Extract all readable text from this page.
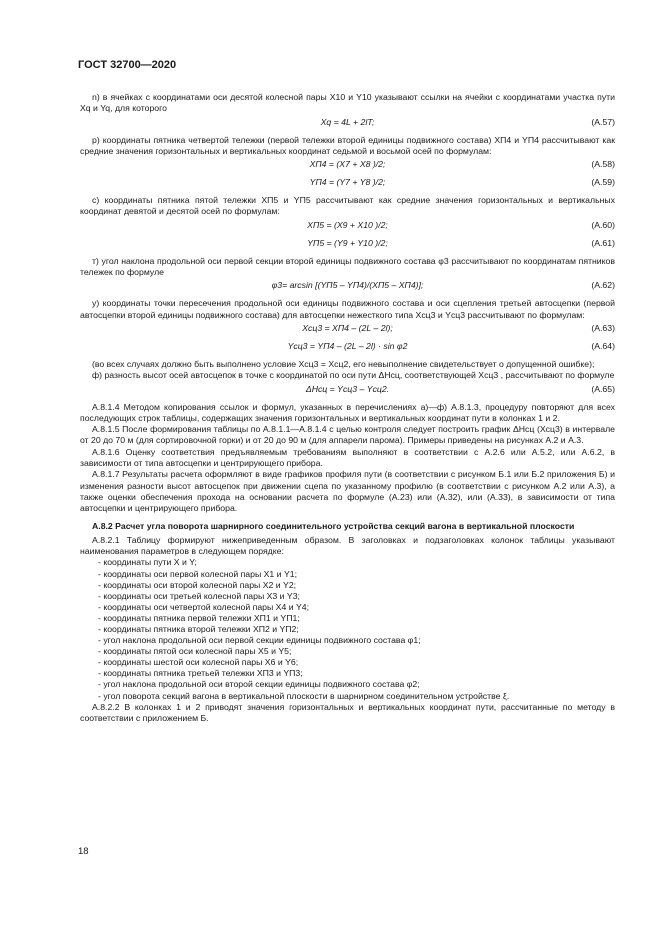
ГОСТ 32700—2020

n) в ячейках с координатами оси десятой колесной пары X10 и Y10 указывают ссылки на ячейки с координатами участка пути Xq и Yq, для которого

Xq = 4L + 2lT;	(А.57)

р) координаты пятника четвертой тележки (первой тележки второй единицы подвижного состава) XП4 и YП4 рассчитывают как средние значения горизонтальных и вертикальных координат седьмой и восьмой осей по формулам:

XП4 = (X7 + X8 )/2;	(А.58)
YП4 = (Y7 + Y8 )/2;	(А.59)

с) координаты пятника пятой тележки XП5 и YП5 рассчитывают как средние значения горизонтальных и вертикальных координат девятой и десятой осей по формулам:

XП5 = (X9 + X10 )/2;	(А.60)
YП5 = (Y9 + Y10 )/2;	(А.61)

т) угол наклона продольной оси первой секции второй единицы подвижного состава φ3 рассчитывают по координатам пятников тележек по формуле

φ3= arcsin [(YП5 – YП4)/(XП5 – XП4)];	(А.62)

у) координаты точки пересечения продольной оси единицы подвижного состава и оси сцепления третьей автосцепки (первой автосцепки второй единицы подвижного состава) для автосцепки нежесткого типа Xсц3 и Yсц3 рассчитывают по формулам:

Xсц3 = XП4 – (2L – 2l);	(А.63)
Yсц3 = YП4 – (2L – 2l) · sin φ2	(А.64)

(во всех случаях должно быть выполнено условие Xсц3 = Xсц2, его невыполнение свидетельствует о допущенной ошибке);

ф) разность высот осей автосцепок в точке с координатой по оси пути ΔHсц, соответствующей Xсц3 , рассчитывают по формуле

ΔHсц = Yсц3 – Yсц2.	(А.65)

А.8.1.4 Методом копирования ссылок и формул, указанных в перечислениях а)—ф) А.8.1.3, процедуру повторяют для всех последующих строк таблицы, содержащих значения горизонтальных и вертикальных координат пути в колонках 1 и 2.

А.8.1.5 После формирования таблицы по А.8.1.1—А.8.1.4 с целью контроля следует построить график ΔHсц (Xсц3) в интервале от 20 до 70 м (для сортировочной горки) и от 20 до 90 м (для аппарели парома). Примеры приведены на рисунках А.2 и А.3.

А.8.1.6 Оценку соответствия предъявляемым требованиям выполняют в соответствии с А.2.6 или А.5.2, или А.6.2, в зависимости от типа автосцепки и центрирующего прибора.

А.8.1.7 Результаты расчета оформляют в виде графиков профиля пути (в соответствии с рисунком Б.1 или Б.2 приложения Б) и изменения разности высот автосцепок при движении сцепа по указанному профилю (в соответствии с рисунком А.2 или А.3), а также оценки обеспечения прохода на основании расчета по формуле (А.23) или (А.32), или (А.33), в зависимости от типа автосцепки и центрирующего прибора.

А.8.2 Расчет угла поворота шарнирного соединительного устройства секций вагона в вертикальной плоскости

А.8.2.1 Таблицу формируют нижеприведенным образом. В заголовках и подзаголовках колонок таблицы указывают наименования параметров в следующем порядке:

- координаты пути X и Y;
- координаты оси первой колесной пары X1 и Y1;
- координаты оси второй колесной пары X2 и Y2;
- координаты оси третьей колесной пары X3 и Y3;
- координаты оси четвертой колесной пары X4 и Y4;
- координаты пятника первой тележки XП1 и YП1;
- координаты пятника второй тележки XП2 и YП2;
- угол наклона продольной оси первой секции единицы подвижного состава φ1;
- координаты пятой оси колесной пары X5 и Y5;
- координаты шестой оси колесной пары X6 и Y6;
- координаты пятника третьей тележки XП3 и YП3;
- угол наклона продольной оси второй секции единицы подвижного состава φ2;
- угол поворота секций вагона в вертикальной плоскости в шарнирном соединительном устройстве ξ.

А.8.2.2 В колонках 1 и 2 приводят значения горизонтальных и вертикальных координат пути, рассчитанные по методу в соответствии с приложением Б.

18
